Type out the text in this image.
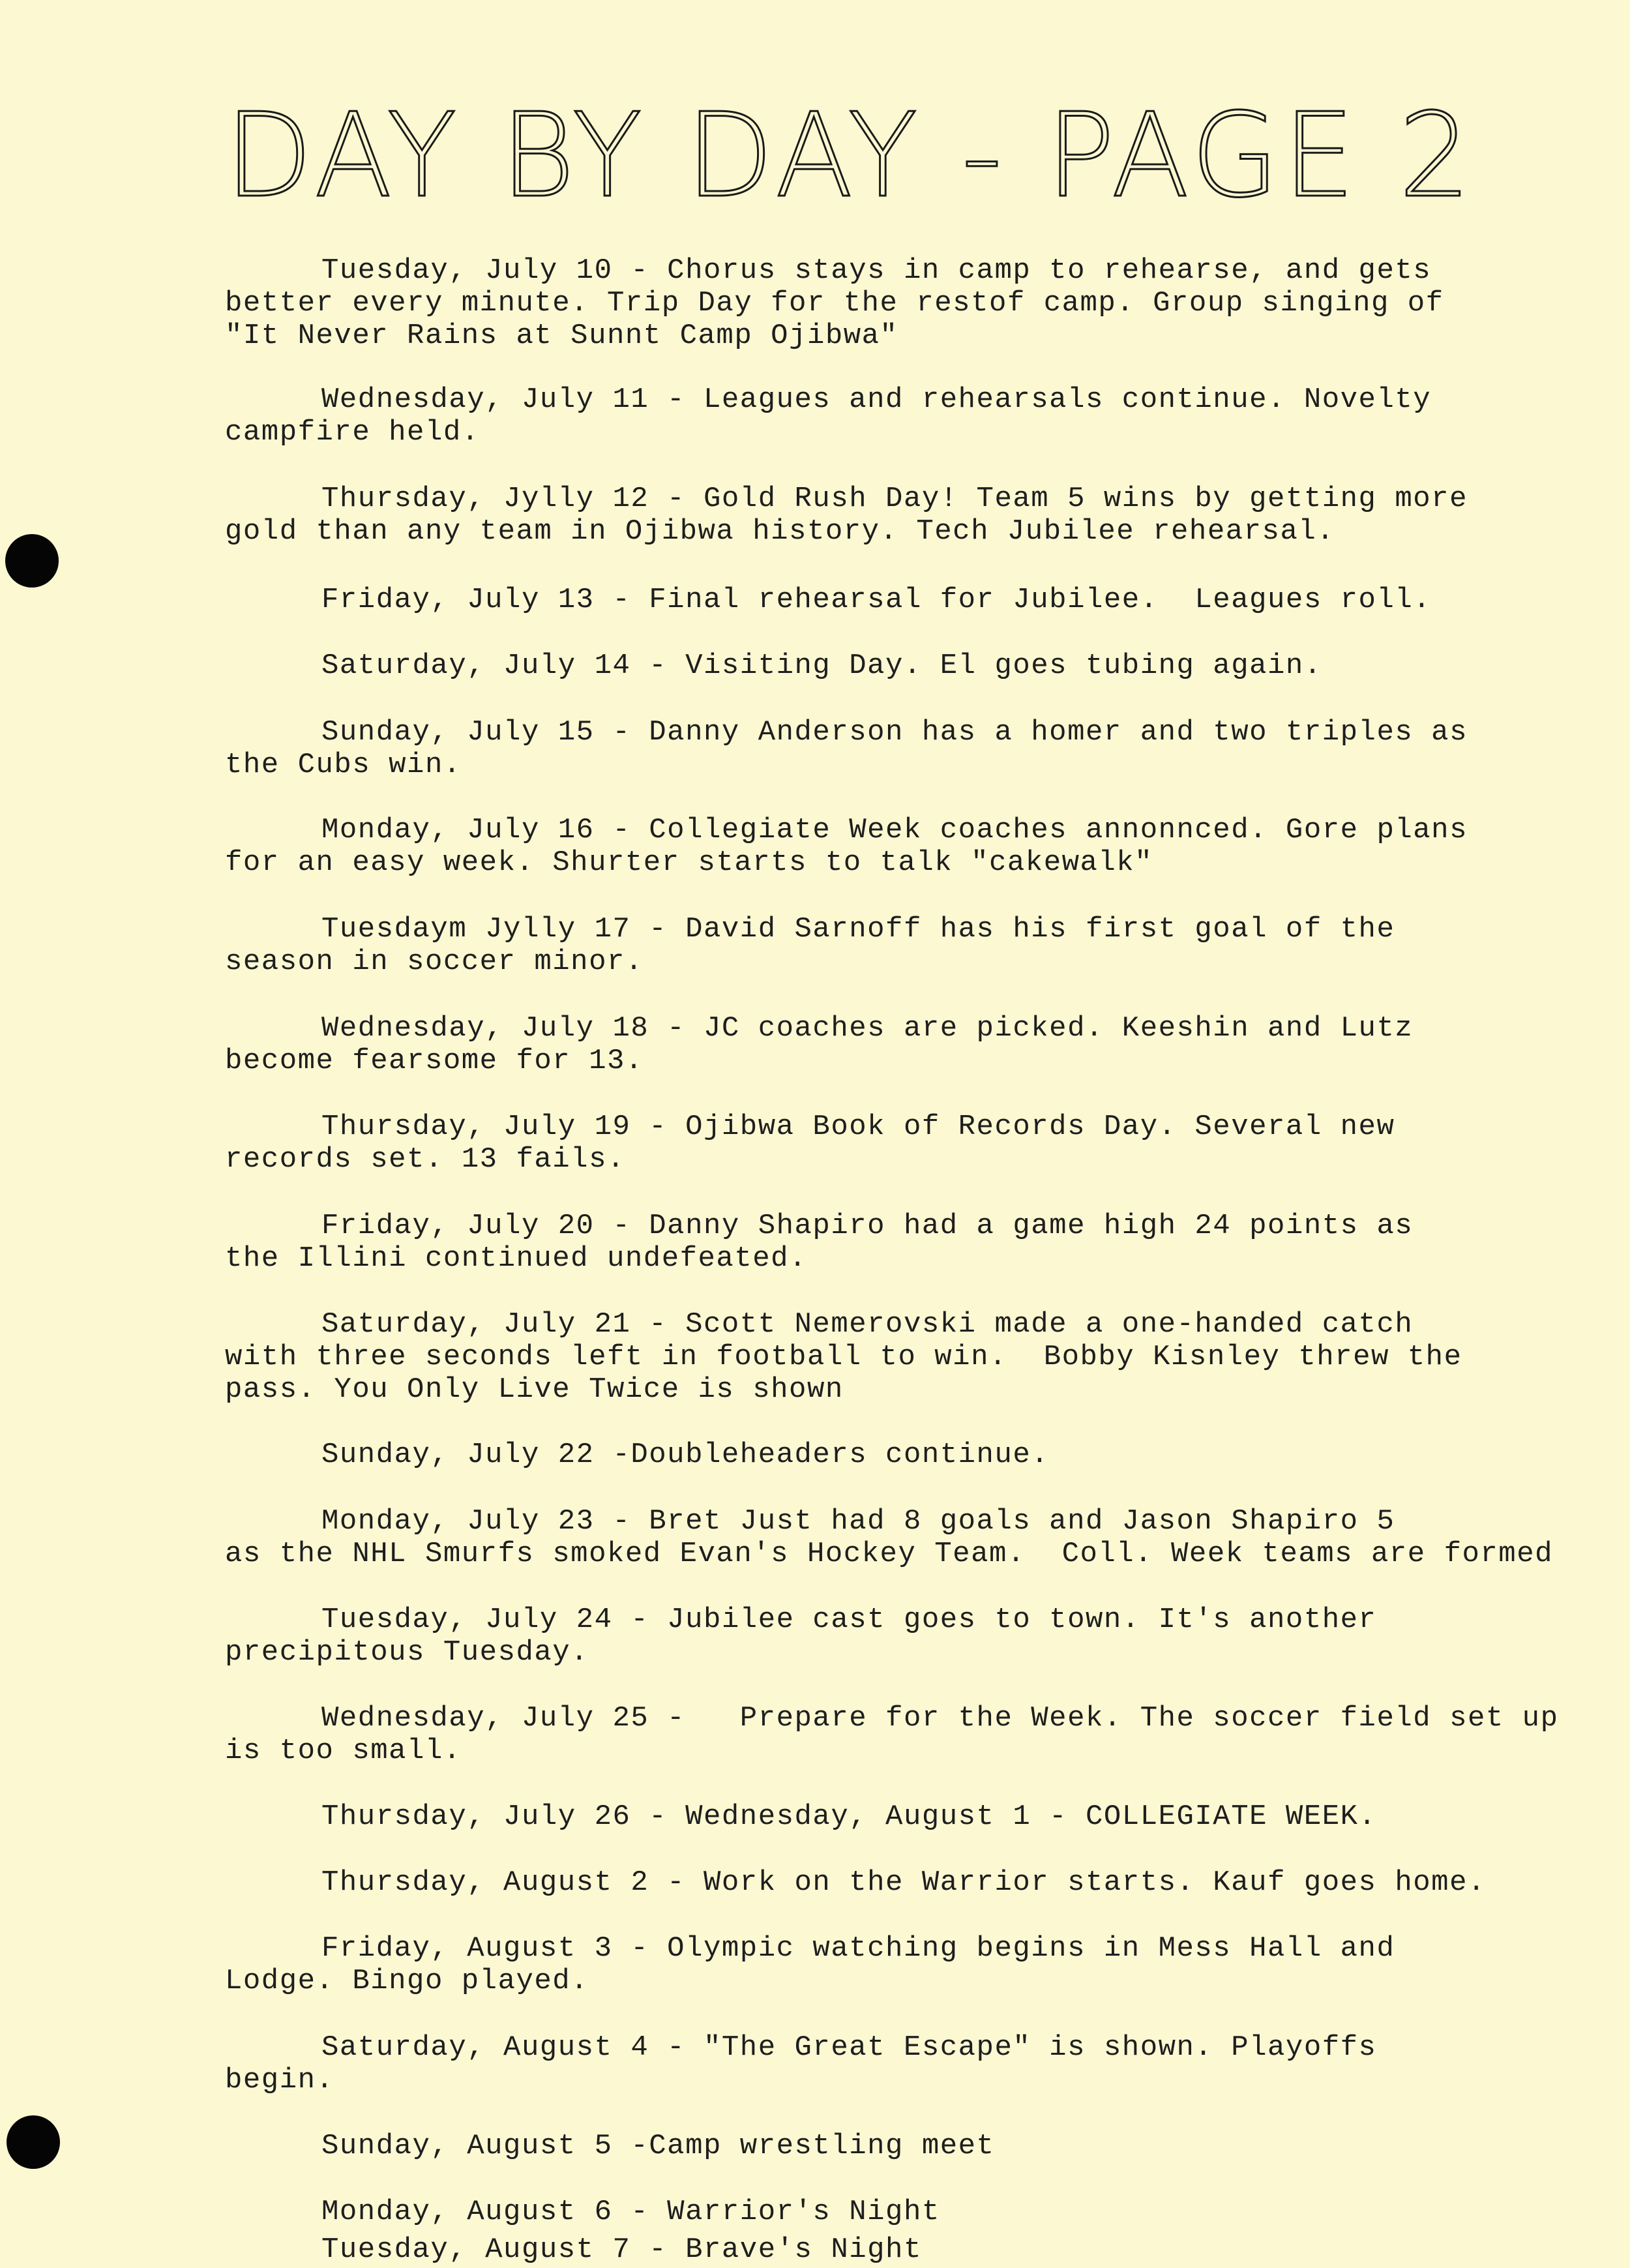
DAY BY DAY - PAGE 2

Tuesday, July 10 - Chorus stays in camp to rehearse, and gets
better every minute. Trip Day for the restof camp. Group singing of
"It Never Rains at Sunnt Camp Ojibwa"

Wednesday, July 11 - Leagues and rehearsals continue. Novelty
campfire held.

Thursday, Jylly 12 - Gold Rush Day! Team 5 wins by getting more
gold than any team in Ojibwa history. Tech Jubilee rehearsal.

Friday, July 13 - Final rehearsal for Jubilee.  Leagues roll.

Saturday, July 14 - Visiting Day. El goes tubing again.

Sunday, July 15 - Danny Anderson has a homer and two triples as
the Cubs win.

Monday, July 16 - Collegiate Week coaches annonnced. Gore plans
for an easy week. Shurter starts to talk "cakewalk"

Tuesdaym Jylly 17 - David Sarnoff has his first goal of the
season in soccer minor.

Wednesday, July 18 - JC coaches are picked. Keeshin and Lutz
become fearsome for 13.

Thursday, July 19 - Ojibwa Book of Records Day. Several new
records set. 13 fails.

Friday, July 20 - Danny Shapiro had a game high 24 points as
the Illini continued undefeated.

Saturday, July 21 - Scott Nemerovski made a one-handed catch
with three seconds left in football to win.  Bobby Kisnley threw the
pass. You Only Live Twice is shown

Sunday, July 22 -Doubleheaders continue.

Monday, July 23 - Bret Just had 8 goals and Jason Shapiro 5
as the NHL Smurfs smoked Evan's Hockey Team.  Coll. Week teams are formed

Tuesday, July 24 - Jubilee cast goes to town. It's another
precipitous Tuesday.

Wednesday, July 25 -   Prepare for the Week. The soccer field set up
is too small.

Thursday, July 26 - Wednesday, August 1 - COLLEGIATE WEEK.

Thursday, August 2 - Work on the Warrior starts. Kauf goes home.

Friday, August 3 - Olympic watching begins in Mess Hall and
Lodge. Bingo played.

Saturday, August 4 - "The Great Escape" is shown. Playoffs
begin.

Sunday, August 5 -Camp wrestling meet

Monday, August 6 - Warrior's Night

Tuesday, August 7 - Brave's Night
